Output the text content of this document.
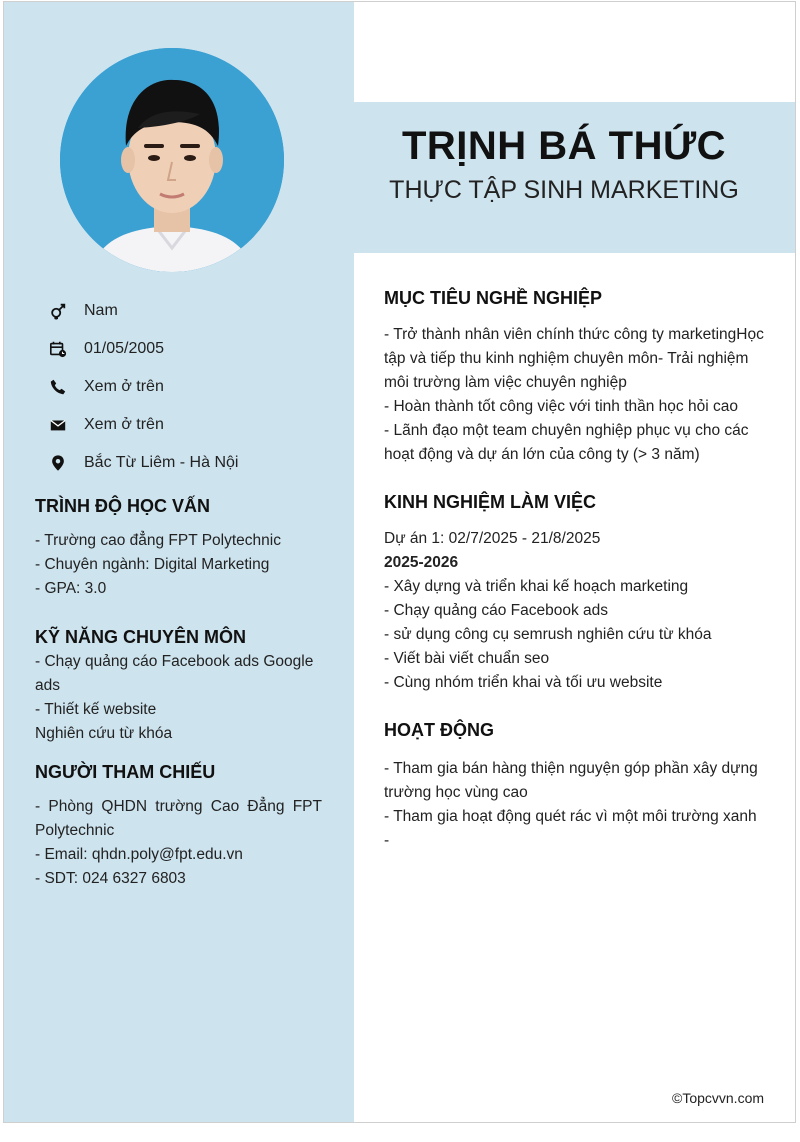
TRỊNH BÁ THỨC
THỰC TẬP SINH MARKETING
Nam
01/05/2005
Xem ở trên
Xem ở trên
Bắc Từ Liêm - Hà Nội
TRÌNH ĐỘ HỌC VẤN
- Trường cao đẳng FPT Polytechnic
- Chuyên ngành: Digital Marketing
- GPA: 3.0
KỸ NĂNG CHUYÊN MÔN
- Chạy quảng cáo Facebook ads Google ads
- Thiết kế website
Nghiên cứu từ khóa
NGƯỜI THAM CHIẾU
- Phòng QHDN trường Cao Đẳng FPT Polytechnic
- Email: qhdn.poly@fpt.edu.vn
- SDT: 024 6327 6803
MỤC TIÊU NGHỀ NGHIỆP
- Trở thành nhân viên chính thức công ty marketingHọc tập và tiếp thu kinh nghiệm chuyên môn- Trải nghiệm môi trường làm việc chuyên nghiệp
- Hoàn thành tốt công việc với tinh thần học hỏi cao
- Lãnh đạo một team chuyên nghiệp phục vụ cho các hoạt động và dự án lớn của công ty (> 3 năm)
KINH NGHIỆM LÀM VIỆC
Dự án 1: 02/7/2025 - 21/8/2025
2025-2026
- Xây dựng và triển khai kế hoạch marketing
- Chạy quảng cáo Facebook ads
- sử dụng công cụ semrush nghiên cứu từ khóa
- Viết bài viết chuẩn seo
- Cùng nhóm triển khai và tối ưu website
HOẠT ĐỘNG
- Tham gia bán hàng thiện nguyện góp phần xây dựng trường học vùng cao
- Tham gia hoạt động quét rác vì một môi trường xanh
-
©Topcvvn.com
